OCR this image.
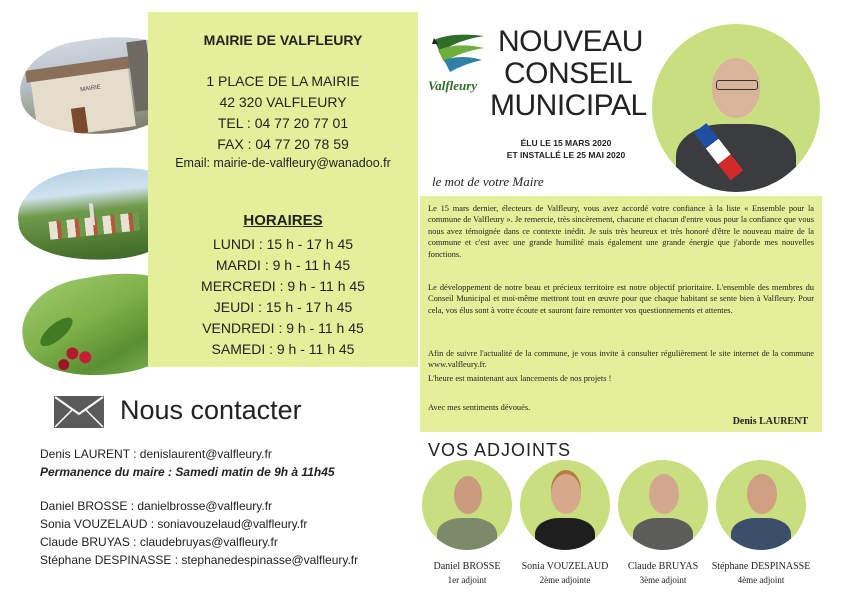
MAIRIE
MAIRIE DE VALFLEURY
1 PLACE DE LA MAIRIE
42 320 VALFLEURY
TEL : 04 77 20 77 01
FAX : 04 77 20 78 59
Email: mairie-de-valfleury@wanadoo.fr
HORAIRES
LUNDI : 15 h - 17 h 45
MARDI : 9 h - 11 h 45
MERCREDI : 9 h - 11 h 45
JEUDI : 15 h - 17 h 45
VENDREDI : 9 h - 11 h 45
SAMEDI : 9 h - 11 h 45
Valfleury
NOUVEAU
CONSEIL
MUNICIPAL
ÉLU LE 15 MARS 2020
ET INSTALLÉ LE 25 MAI 2020
le mot de votre Maire

Le 15 mars dernier, électeurs de Valfleury, vous avez accordé votre confiance à la liste « Ensemble pour la commune de Valfleury ». Je remercie, très sincèrement, chacune et chacun d'entre vous pour la confiance que vous nous avez témoignée dans ce contexte inédit. Je suis très heureux et très honoré d'être le nouveau maire de la commune et c'est avec une grande humilité mais également une grande énergie que j'aborde mes nouvelles fonctions.

Le développement de notre beau et précieux territoire est notre objectif prioritaire. L'ensemble des membres du Conseil Municipal et moi-même mettront tout en œuvre pour que chaque habitant se sente bien à Valfleury. Pour cela, vos élus sont à votre écoute et sauront faire remonter vos questionnements et attentes.

Afin de suivre l'actualité de la commune, je vous invite à consulter régulièrement le site internet de la commune www.valfleury.fr.

L'heure est maintenant aux lancements de nos projets !

Avec mes sentiments dévoués.

Denis LAURENT
Nous contacter
Denis LAURENT : denislaurent@valfleury.fr
Permanence du maire : Samedi matin de 9h à 11h45
Daniel BROSSE : danielbrosse@valfleury.fr
Sonia VOUZELAUD : soniavouzelaud@valfleury.fr
Claude BRUYAS : claudebruyas@valfleury.fr
Stéphane DESPINASSE : stephanedespinasse@valfleury.fr
VOS ADJOINTS
Daniel BROSSE
1er adjoint
Sonia VOUZELAUD
2ème adjointe
Claude BRUYAS
3ème adjoint
Stéphane DESPINASSE
4ème adjoint
